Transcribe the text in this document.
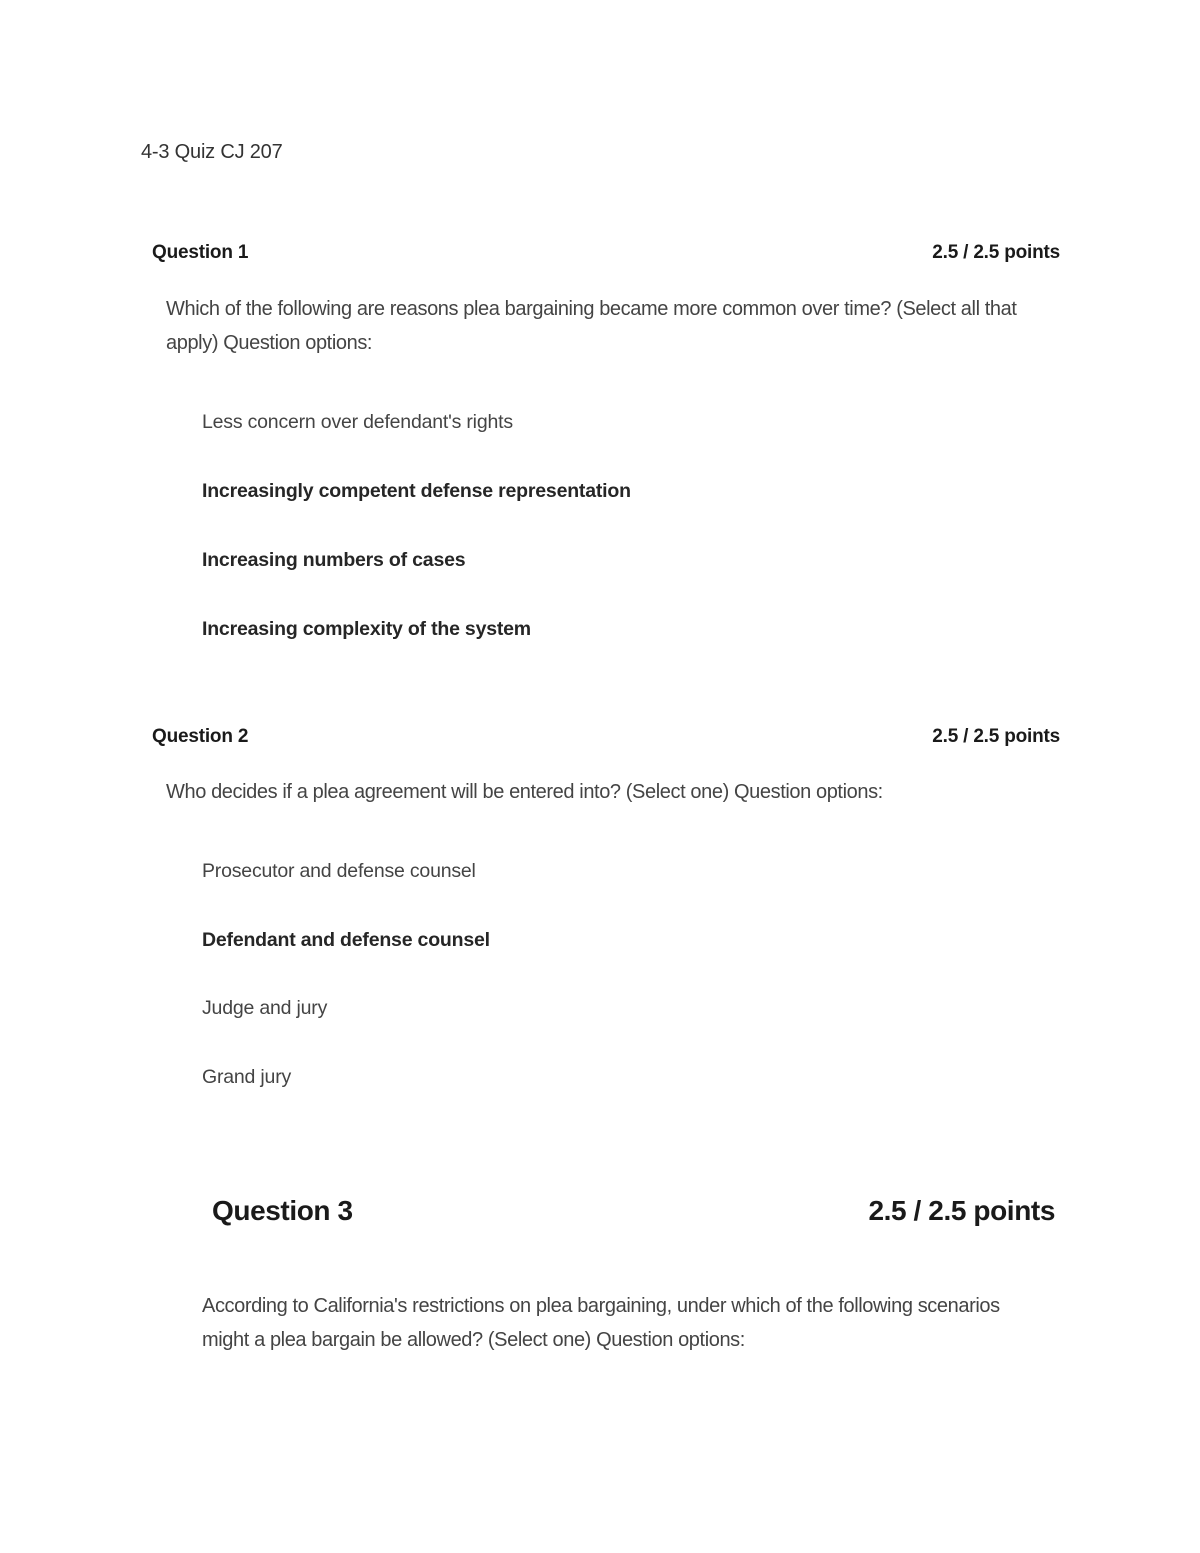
4-3 Quiz CJ 207
Question 1	2.5 / 2.5 points
Which of the following are reasons plea bargaining became more common over time? (Select all that apply) Question options:
Less concern over defendant's rights
Increasingly competent defense representation
Increasing numbers of cases
Increasing complexity of the system
Question 2	2.5 / 2.5 points
Who decides if a plea agreement will be entered into? (Select one) Question options:
Prosecutor and defense counsel
Defendant and defense counsel
Judge and jury
Grand jury
Question 3	2.5 / 2.5 points
According to California's restrictions on plea bargaining, under which of the following scenarios might a plea bargain be allowed? (Select one) Question options:
